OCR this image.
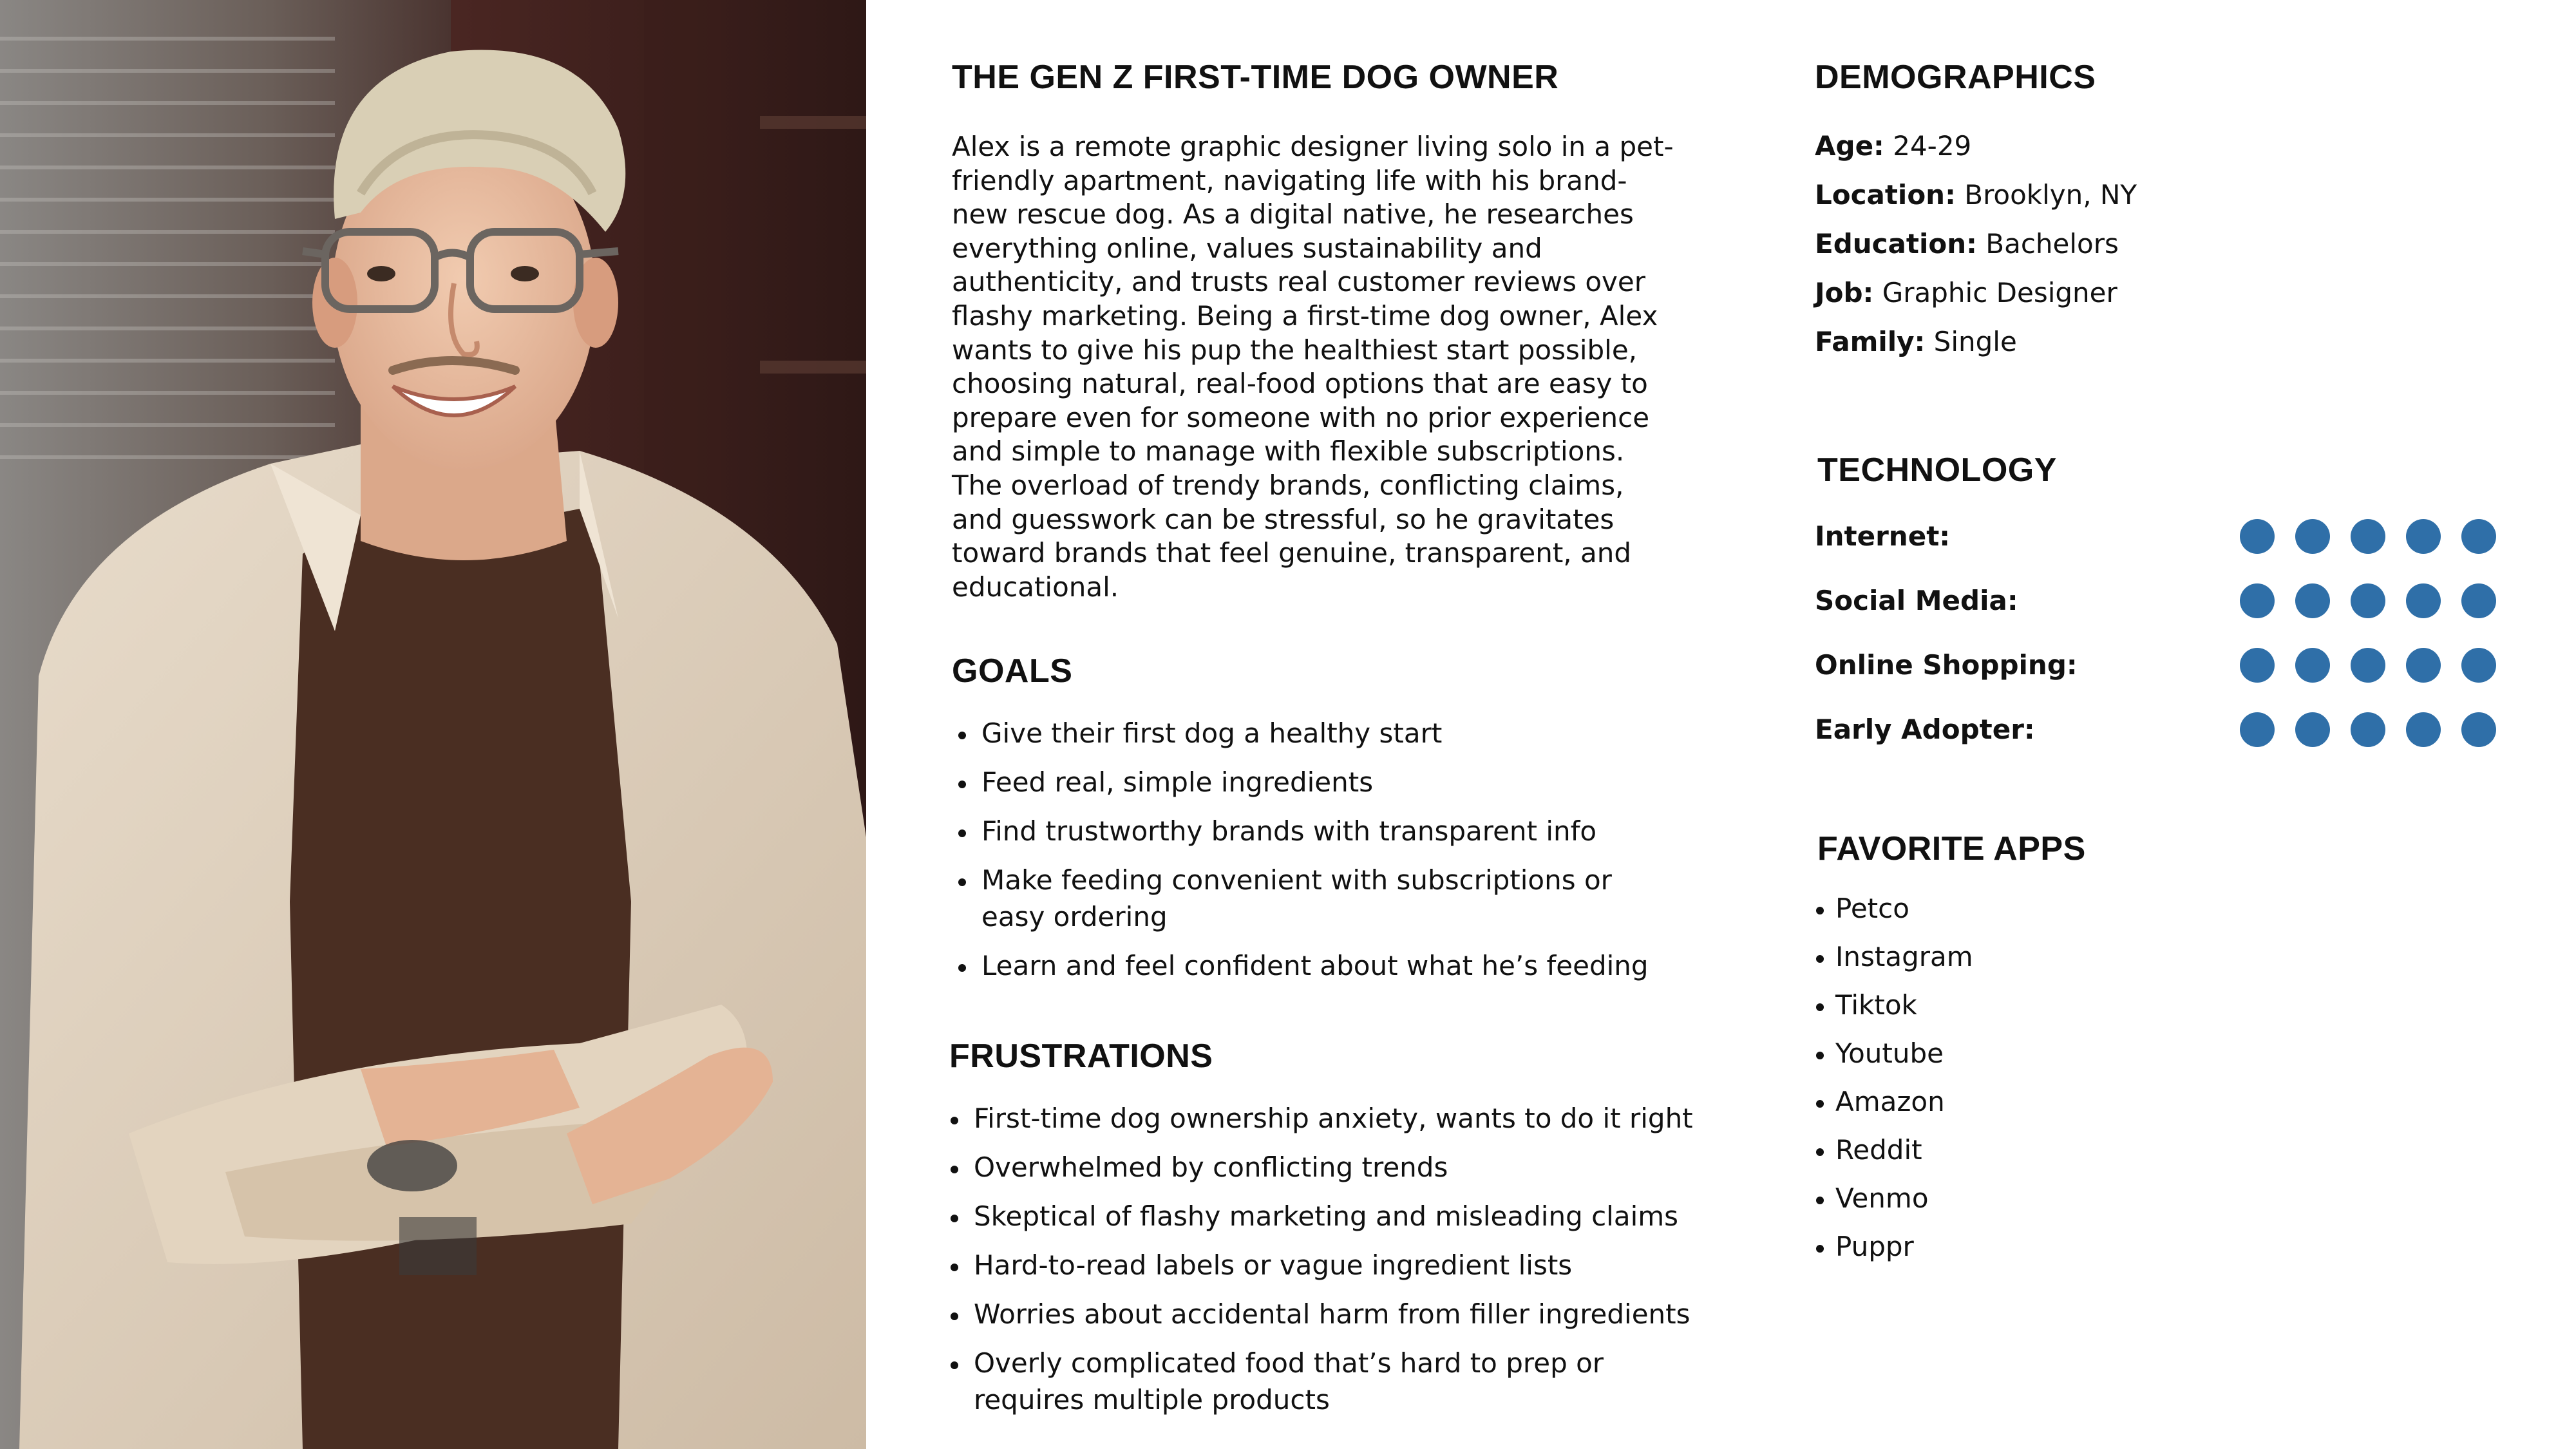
THE GEN Z FIRST-TIME DOG OWNER
Alex is a remote graphic designer living solo in a pet-friendly apartment, navigating life with his brand-new rescue dog. As a digital native, he researches everything online, values sustainability and authenticity, and trusts real customer reviews over flashy marketing. Being a first-time dog owner, Alex wants to give his pup the healthiest start possible, choosing natural, real-food options that are easy to prepare even for someone with no prior experience and simple to manage with flexible subscriptions. The overload of trendy brands, conflicting claims, and guesswork can be stressful, so he gravitates toward brands that feel genuine, transparent, and educational.
GOALS
Give their first dog a healthy start
Feed real, simple ingredients
Find trustworthy brands with transparent info
Make feeding convenient with subscriptions or easy ordering
Learn and feel confident about what he’s feeding
FRUSTRATIONS
First-time dog ownership anxiety, wants to do it right
Overwhelmed by conflicting trends
Skeptical of flashy marketing and misleading claims
Hard-to-read labels or vague ingredient lists
Worries about accidental harm from filler ingredients
Overly complicated food that’s hard to prep or requires multiple products
DEMOGRAPHICS
Age: 24-29
Location: Brooklyn, NY
Education: Bachelors
Job: Graphic Designer
Family: Single
TECHNOLOGY
Internet:
Social Media:
Online Shopping:
Early Adopter:
FAVORITE APPS
Petco
Instagram
Tiktok
Youtube
Amazon
Reddit
Venmo
Puppr
